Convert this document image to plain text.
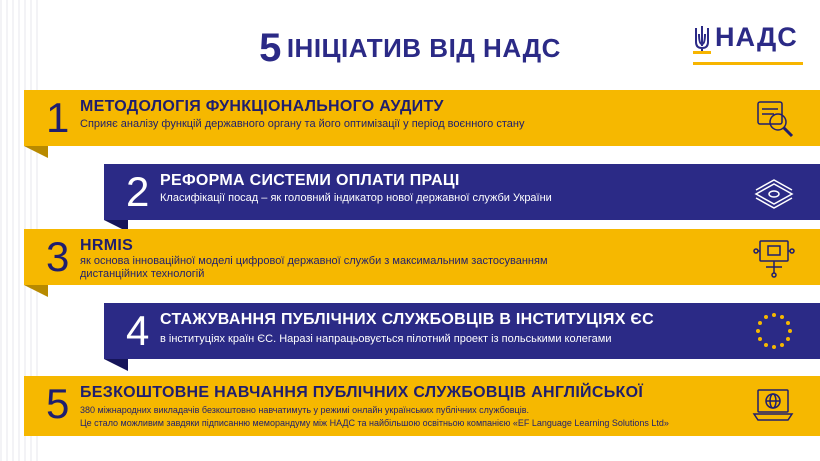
5 ІНІЦІАТИВ ВІД НАДС	НАДС
1 МЕТОДОЛОГІЯ ФУНКЦІОНАЛЬНОГО АУДИТУ
Сприяє аналізу функцій державного органу та його оптимізації у період воєнного стану
2 РЕФОРМА СИСТЕМИ ОПЛАТИ ПРАЦІ
Класифікації посад – як головний індикатор нової державної служби України
3 HRMIS
як основа інноваційної моделі цифрової державної служби з максимальним застосуванням
дистанційних технологій
4 СТАЖУВАННЯ ПУБЛІЧНИХ СЛУЖБОВЦІВ В ІНСТИТУЦІЯХ ЄС
в інституціях країн ЄС. Наразі напрацьовується пілотний проект із польськими колегами
5 БЕЗКОШТОВНЕ НАВЧАННЯ ПУБЛІЧНИХ СЛУЖБОВЦІВ АНГЛІЙСЬКОЇ
380 міжнародних викладачів безкоштовно навчатимуть у режимі онлайн українських публічних службовців.
Це стало можливим завдяки підписанню меморандуму між НАДС та найбільшою освітньою компанією «EF Language Learning Solutions Ltd»
